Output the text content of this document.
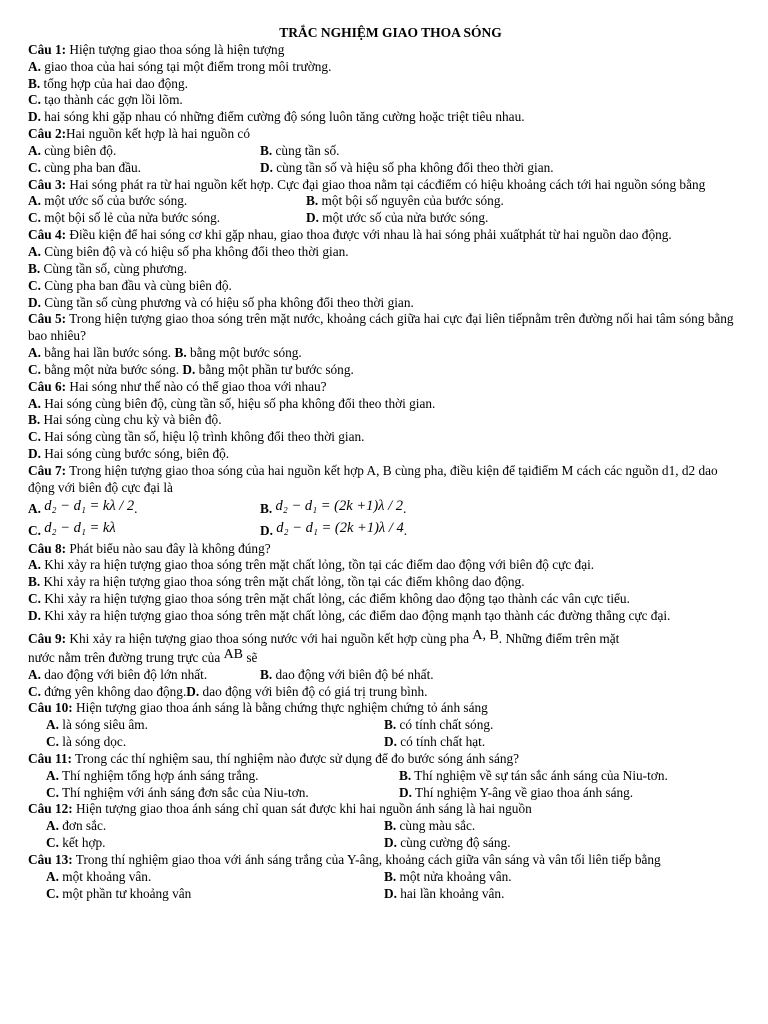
TRẮC NGHIỆM GIAO THOA SÓNG
Câu 1: Hiện tượng giao thoa sóng là hiện tượng
A. giao thoa của hai sóng tại một điểm trong môi trường.
B. tổng hợp của hai dao động.
C. tạo thành các gợn lồi lõm.
D. hai sóng khi gặp nhau có những điểm cường độ sóng luôn tăng cường hoặc triệt tiêu nhau.
Câu 2:Hai nguồn kết hợp là hai nguồn có
A. cùng biên độ.	B. cùng tần số.
C. cùng pha ban đầu.	D. cùng tần số và hiệu số pha không đổi theo thời gian.
Câu 3: Hai sóng phát ra từ hai nguồn kết hợp. Cực đại giao thoa nằm tại cácđiểm có hiệu khoảng cách tới hai nguồn sóng bằng
A. một ước số của bước sóng.	B. một bội số nguyên của bước sóng.
C. một bội số lẻ của nửa bước sóng.	D. một ước số của nửa bước sóng.
Câu 4: Điều kiện để hai sóng cơ khi gặp nhau, giao thoa được với nhau là hai sóng phải xuấtphát từ hai nguồn dao động.
A. Cùng biên độ và có hiệu số pha không đổi theo thời gian.
B. Cùng tần số, cùng phương.
C. Cùng pha ban đầu và cùng biên độ.
D. Cùng tần số cùng phương và có hiệu số pha không đổi theo thời gian.
Câu 5: Trong hiện tượng giao thoa sóng trên mặt nước, khoảng cách giữa hai cực đại liên tiếpnằm trên đường nối hai tâm sóng bằng bao nhiêu?
A. bằng hai lần bước sóng. B. bằng một bước sóng.
C. bằng một nửa bước sóng. D. bằng một phần tư bước sóng.
Câu 6: Hai sóng như thế nào có thể giao thoa với nhau?
A. Hai sóng cùng biên độ, cùng tần số, hiệu số pha không đổi theo thời gian.
B. Hai sóng cùng chu kỳ và biên độ.
C. Hai sóng cùng tần số, hiệu lộ trình không đổi theo thời gian.
D. Hai sóng cùng bước sóng, biên độ.
Câu 7: Trong hiện tượng giao thoa sóng của hai nguồn kết hợp A, B cùng pha, điều kiện để tạiđiểm M cách các nguồn d1, d2 dao động với biên độ cực đại là
A. d₂ − d₁ = kλ / 2.	B. d₂ − d₁ = (2k +1)λ / 2.
C. d₂ − d₁ = kλ	D. d₂ − d₁ = (2k +1)λ / 4.
Câu 8: Phát biểu nào sau đây là không đúng?
A. Khi xảy ra hiện tượng giao thoa sóng trên mặt chất lỏng, tồn tại các điểm dao động với biên độ cực đại.
B. Khi xảy ra hiện tượng giao thoa sóng trên mặt chất lỏng, tồn tại các điểm không dao động.
C. Khi xảy ra hiện tượng giao thoa sóng trên mặt chất lỏng, các điểm không dao động tạo thành các vân cực tiểu.
D. Khi xảy ra hiện tượng giao thoa sóng trên mặt chất lỏng, các điểm dao động mạnh tạo thành các đường thẳng cực đại.
Câu 9: Khi xảy ra hiện tượng giao thoa sóng nước với hai nguồn kết hợp cùng pha A, B. Những điểm trên mặt
nước nằm trên đường trung trực của AB sẽ
A. dao động với biên độ lớn nhất.	B. dao động với biên độ bé nhất.
C. đứng yên không dao động.D. dao động với biên độ có giá trị trung bình.
Câu 10: Hiện tượng giao thoa ánh sáng là bằng chứng thực nghiệm chứng tỏ ánh sáng
A. là sóng siêu âm.	B. có tính chất sóng.
C. là sóng dọc.	D. có tính chất hạt.
Câu 11: Trong các thí nghiệm sau, thí nghiệm nào được sử dụng để đo bước sóng ánh sáng?
A. Thí nghiệm tổng hợp ánh sáng trắng.	B. Thí nghiệm về sự tán sắc ánh sáng của Niu-tơn.
C. Thí nghiệm với ánh sáng đơn sắc của Niu-tơn.	D. Thí nghiệm Y-âng về giao thoa ánh sáng.
Câu 12: Hiện tượng giao thoa ánh sáng chỉ quan sát được khi hai nguồn ánh sáng là hai nguồn
A. đơn sắc.	B. cùng màu sắc.
C. kết hợp.	D. cùng cường độ sáng.
Câu 13: Trong thí nghiệm giao thoa với ánh sáng trắng của Y-âng, khoảng cách giữa vân sáng và vân tối liên tiếp bằng
A. một khoảng vân.	B. một nửa khoảng vân.
C. một phần tư khoảng vân	D. hai lần khoảng vân.
